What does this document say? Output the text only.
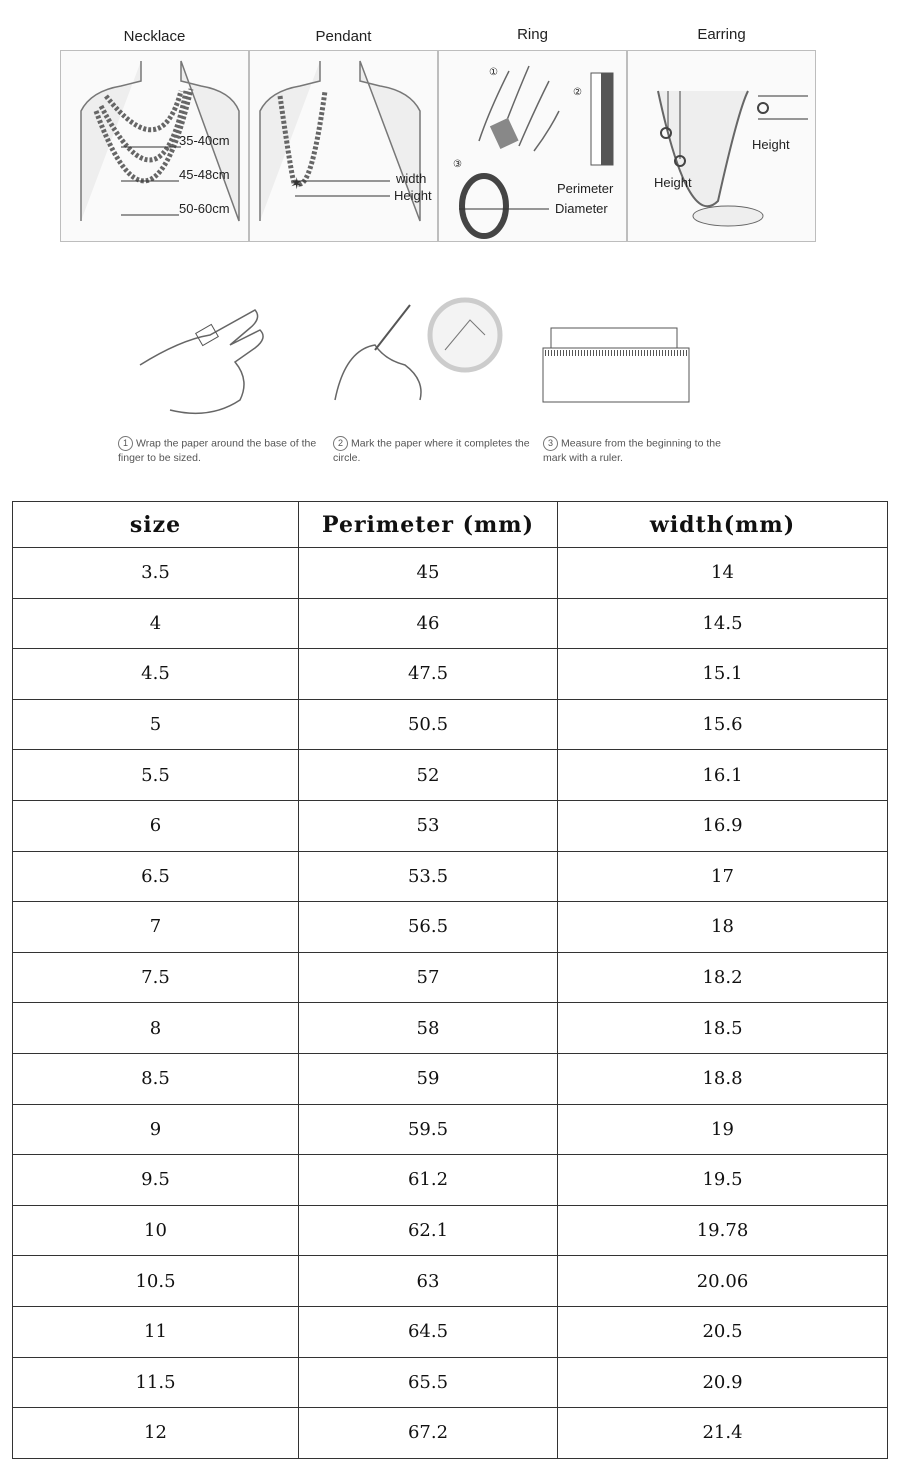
Necklace	Pendant	Ring	Earring
35-40cm
45-48cm
50-60cm
✶	width
Height
①
②
③
Perimeter
Diameter
Height
Height
1 Wrap the paper around the base of the finger to be sized.
2 Mark the paper where it completes the circle.
3 Measure from the beginning to the mark with a ruler.
size	Perimeter (mm)	width(mm)
3.5	45	14
4	46	14.5
4.5	47.5	15.1
5	50.5	15.6
5.5	52	16.1
6	53	16.9
6.5	53.5	17
7	56.5	18
7.5	57	18.2
8	58	18.5
8.5	59	18.8
9	59.5	19
9.5	61.2	19.5
10	62.1	19.78
10.5	63	20.06
11	64.5	20.5
11.5	65.5	20.9
12	67.2	21.4
